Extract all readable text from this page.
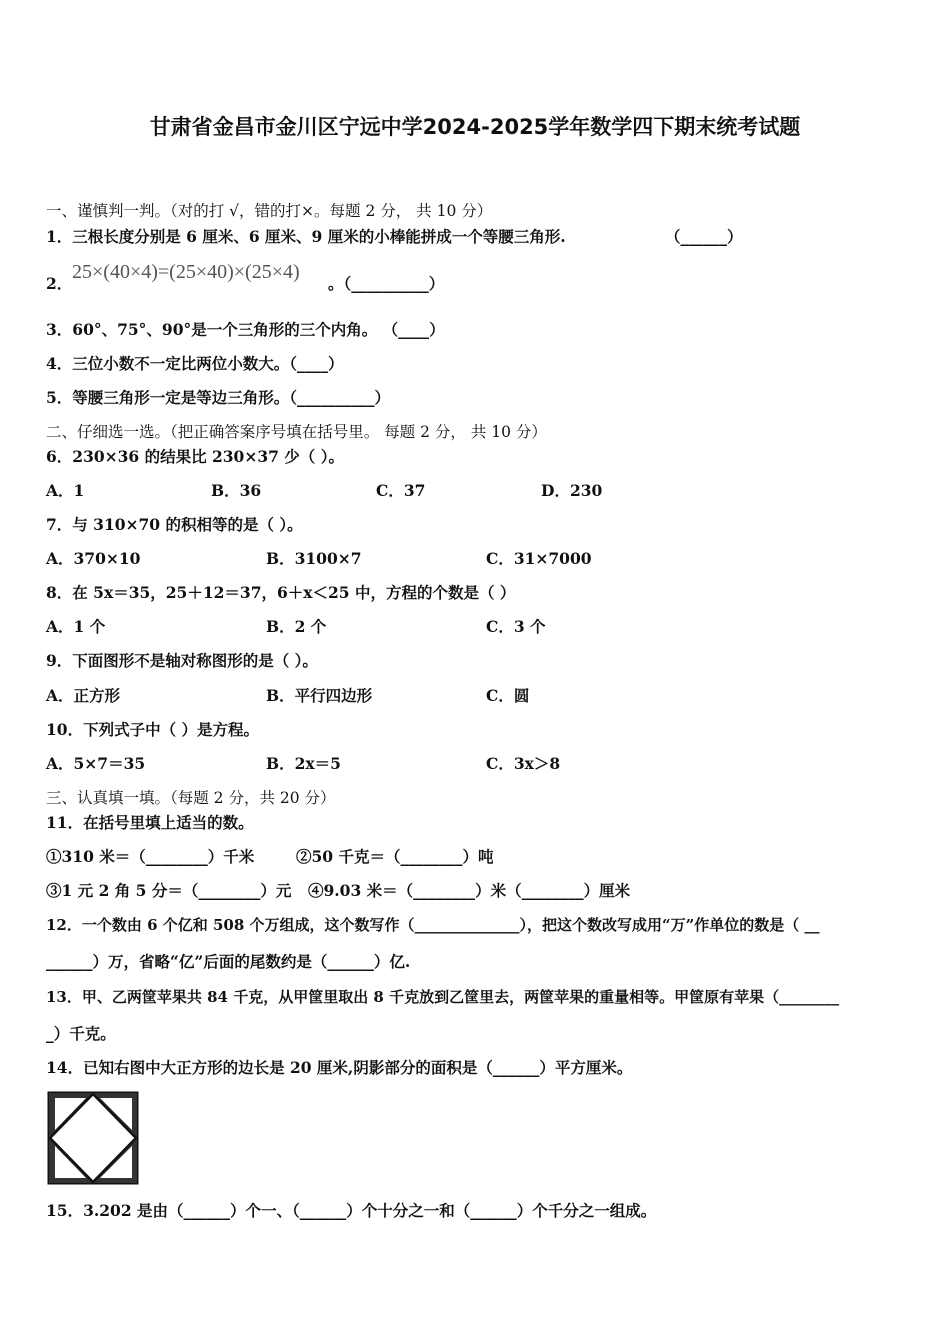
甘肃省金昌市金川区宁远中学2024-2025学年数学四下期末统考试题
一、谨慎判一判。（对的打 √，错的打×。每题 2 分， 共 10 分）
1．三根长度分别是 6 厘米、6 厘米、9 厘米的小棒能拼成一个等腰三角形.	（______）
2．
25×(40×4)=(25×40)×(25×4)
。（__________）
3．60°、75°、90°是一个三角形的三个内角。 （____）
4．三位小数不一定比两位小数大。（____）
5．等腰三角形一定是等边三角形。（__________）
二、仔细选一选。（把正确答案序号填在括号里。 每题 2 分， 共 10 分）
6．230×36 的结果比 230×37 少（ ）。
A．1	B．36	C．37	D．230
7．与 310×70 的积相等的是（ ）。
A．370×10	B．3100×7	C．31×7000
8．在 5x＝35，25＋12＝37，6＋x＜25 中，方程的个数是（ ）
A．1 个	B．2 个	C．3 个
9．下面图形不是轴对称图形的是（ ）。
A．正方形	B．平行四边形	C．圆
10．下列式子中（ ）是方程。
A．5×7＝35	B．2x＝5	C．3x＞8
三、认真填一填。（每题 2 分，共 20 分）
11．在括号里填上适当的数。
①310 米＝（________）千米	②50 千克＝（________）吨
③1 元 2 角 5 分＝（________）元 ④9.03 米＝（________）米（________）厘米
12．一个数由 6 个亿和 508 个万组成，这个数写作（______________），把这个数改写成用“万”作单位的数是（ __
______）万，省略“亿”后面的尾数约是（______）亿.
13．甲、乙两筐苹果共 84 千克，从甲筐里取出 8 千克放到乙筐里去，两筐苹果的重量相等。甲筐原有苹果（________
_）千克。
14．已知右图中大正方形的边长是 20 厘米,阴影部分的面积是（______）平方厘米。
15．3.202 是由（______）个一、（______）个十分之一和（______）个千分之一组成。
